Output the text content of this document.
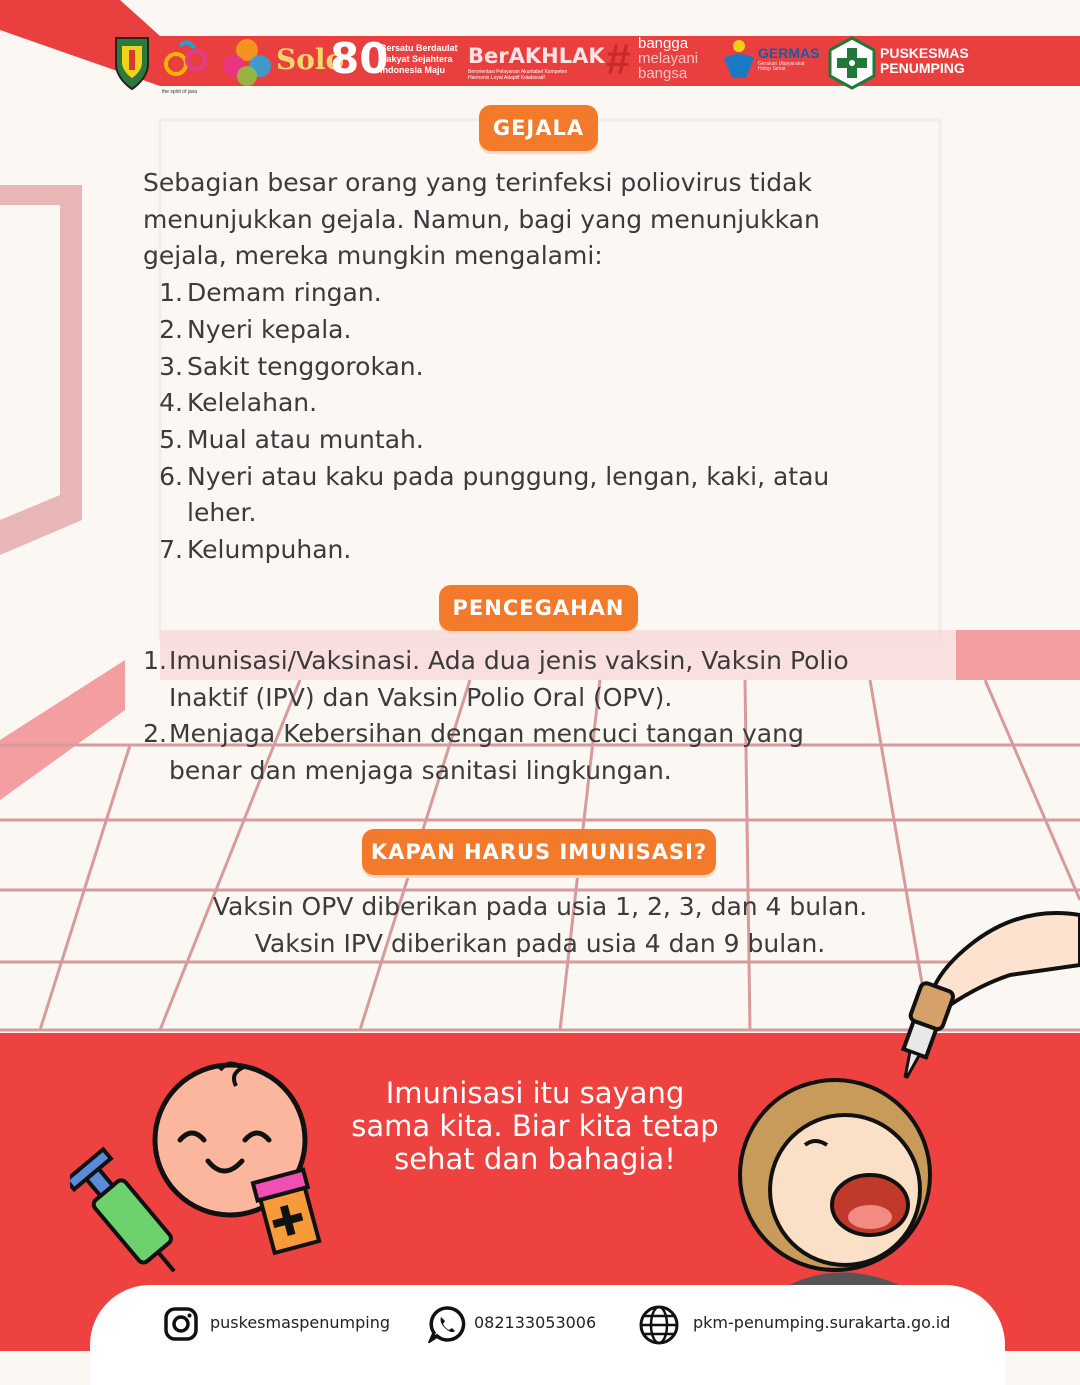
the spirit of java
Solo
80
Bersatu Berdaulat
Rakyat Sejahtera
Indonesia Maju
BerAKHLAK
Berorientasi Pelayanan Akuntabel Kompeten
Harmonis Loyal Adaptif Kolaboratif	# bangga
melayani
bangsa
GERMAS
Gerakan Masyarakat
Hidup Sehat
PUSKESMAS
PENUMPING
GEJALA

Sebagian besar orang yang terinfeksi poliovirus tidak

menunjukkan gejala. Namun, bagi yang menunjukkan

gejala, mereka mungkin mengalami:

1. Demam ringan.
2. Nyeri kepala.
3. Sakit tenggorokan.
4. Kelelahan.
5. Mual atau muntah.
6. Nyeri atau kaku pada punggung, lengan, kaki, atau
leher.
7. Kelumpuhan.
PENCEGAHAN
1. Imunisasi/Vaksinasi. Ada dua jenis vaksin, Vaksin Polio
Inaktif (IPV) dan Vaksin Polio Oral (OPV).
2. Menjaga Kebersihan dengan mencuci tangan yang
benar dan menjaga sanitasi lingkungan.
KAPAN HARUS IMUNISASI?

Vaksin OPV diberikan pada usia 1, 2, 3, dan 4 bulan.

Vaksin IPV diberikan pada usia 4 dan 9 bulan.

Imunisasi itu sayang
sama kita. Biar kita tetap
sehat dan bahagia!
puskesmaspenumping	082133053006	pkm-penumping.surakarta.go.id
